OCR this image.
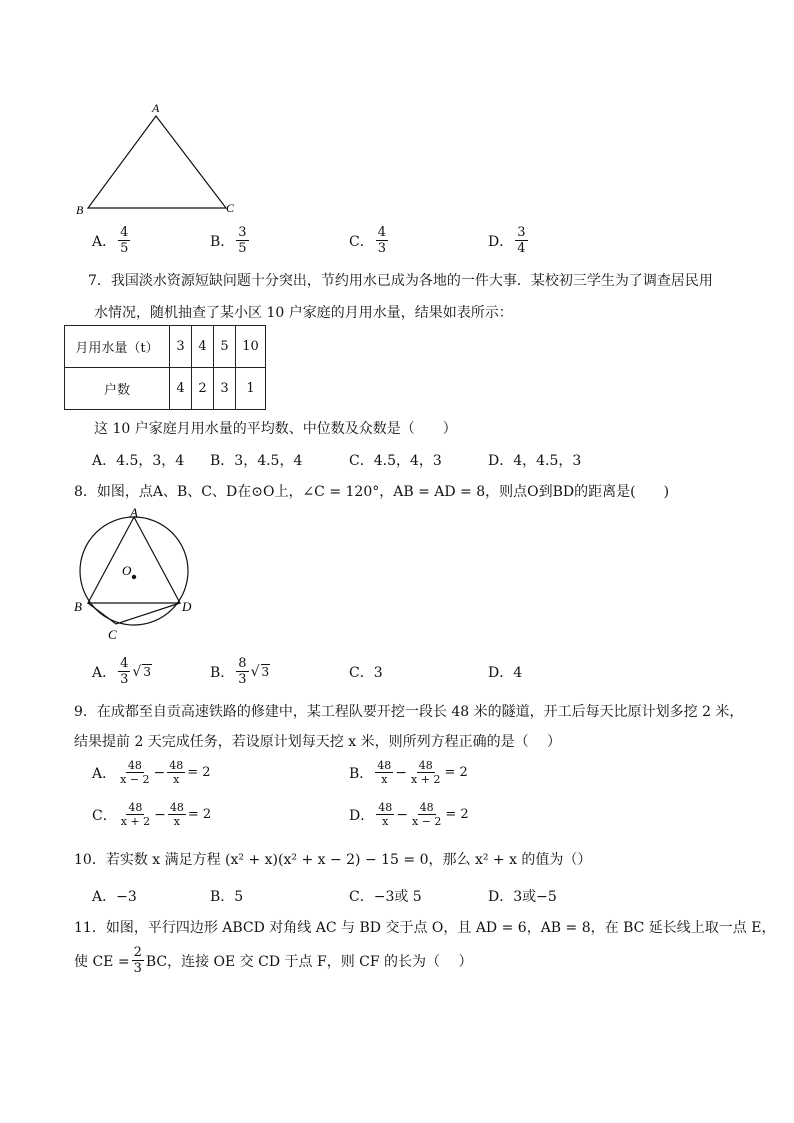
A
B	C
A． $\frac{4}{5}$	B． $\frac{3}{5}$	C． $\frac{4}{3}$	D． $\frac{3}{4}$
7．我国淡水资源短缺问题十分突出，节约用水已成为各地的一件大事．某校初三学生为了调查居民用
水情况，随机抽查了某小区 10 户家庭的月用水量，结果如表所示：
月用水量（t）	3	4	5	10
户数	4	2	3	1
这 10 户家庭月用水量的平均数、中位数及众数是（　　）
A．4.5，3，4 B．3，4.5，4	C．4.5，4，3	D．4，4.5，3
8．如图，点A、B、C、D在⊙O上，∠C = 120°，AB = AD = 8，则点O到BD的距离是(　　)
A
B
C
D
O
A． $\frac{4}{3}$ √ 3	B． $\frac{8}{3}$ √ 3	C．3	D．4
9．在成都至自贡高速铁路的修建中，某工程队要开挖一段长 48 米的隧道，开工后每天比原计划多挖 2 米，
结果提前 2 天完成任务，若设原计划每天挖 x 米，则所列方程正确的是（　 ）
A． $\frac{48}{x - 2} - \frac{48}{x} = 2$	B． $\frac{48}{x} - \frac{48}{x + 2} = 2$
C． $\frac{48}{x + 2} - \frac{48}{x} = 2$	D． $\frac{48}{x} - \frac{48}{x - 2} = 2$
10．若实数 x 满足方程 (x² + x)(x² + x − 2) − 15 = 0，那么 x² + x 的值为（）
A．−3	B．5	C．−3或 5	D．3或−5
11．如图，平行四边形 ABCD 对角线 AC 与 BD 交于点 O，且 AD = 6，AB = 8，在 BC 延长线上取一点 E，
使 CE = $\frac{2}{3}$ BC，连接 OE 交 CD 于点 F，则 CF 的长为（　 ）
